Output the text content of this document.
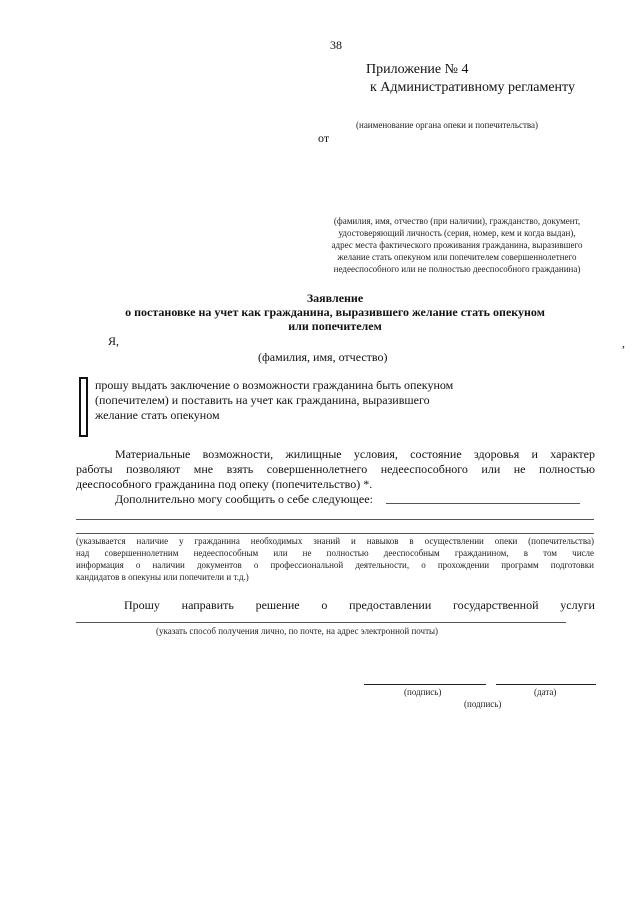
38
Приложение № 4
к Административному регламенту
(наименование органа опеки и попечительства)
от
(фамилия, имя, отчество (при наличии), гражданство, документ,
удостоверяющий личность (серия, номер, кем и когда выдан),
адрес места фактического проживания гражданина, выразившего
желание стать опекуном или попечителем совершеннолетнего
недееспособного или не полностью дееспособного гражданина)
Заявление
о постановке на учет как гражданина, выразившего желание стать опекуном
или попечителем
Я,	,
(фамилия, имя, отчество)
прошу выдать заключение о возможности гражданина быть опекуном
(попечителем) и поставить на учет как гражданина, выразившего
желание стать опекуном
Материальные возможности, жилищные условия, состояние здоровья и характер
работы позволяют мне взять совершеннолетнего недееспособного или не полностью
дееспособного гражданина под опеку (попечительство) *.
Дополнительно могу сообщить о себе следующее:
(указывается наличие у гражданина необходимых знаний и навыков в осуществлении опеки (попечительства)
над совершеннолетним недееспособным или не полностью дееспособным гражданином, в том числе
информация о наличии документов о профессиональной деятельности, о прохождении программ подготовки
кандидатов в опекуны или попечители и т.д.)
Прошу направить решение о предоставлении государственной услуги
(указать способ получения лично, по почте, на адрес электронной почты)
(подпись)	(дата)
(подпись)
